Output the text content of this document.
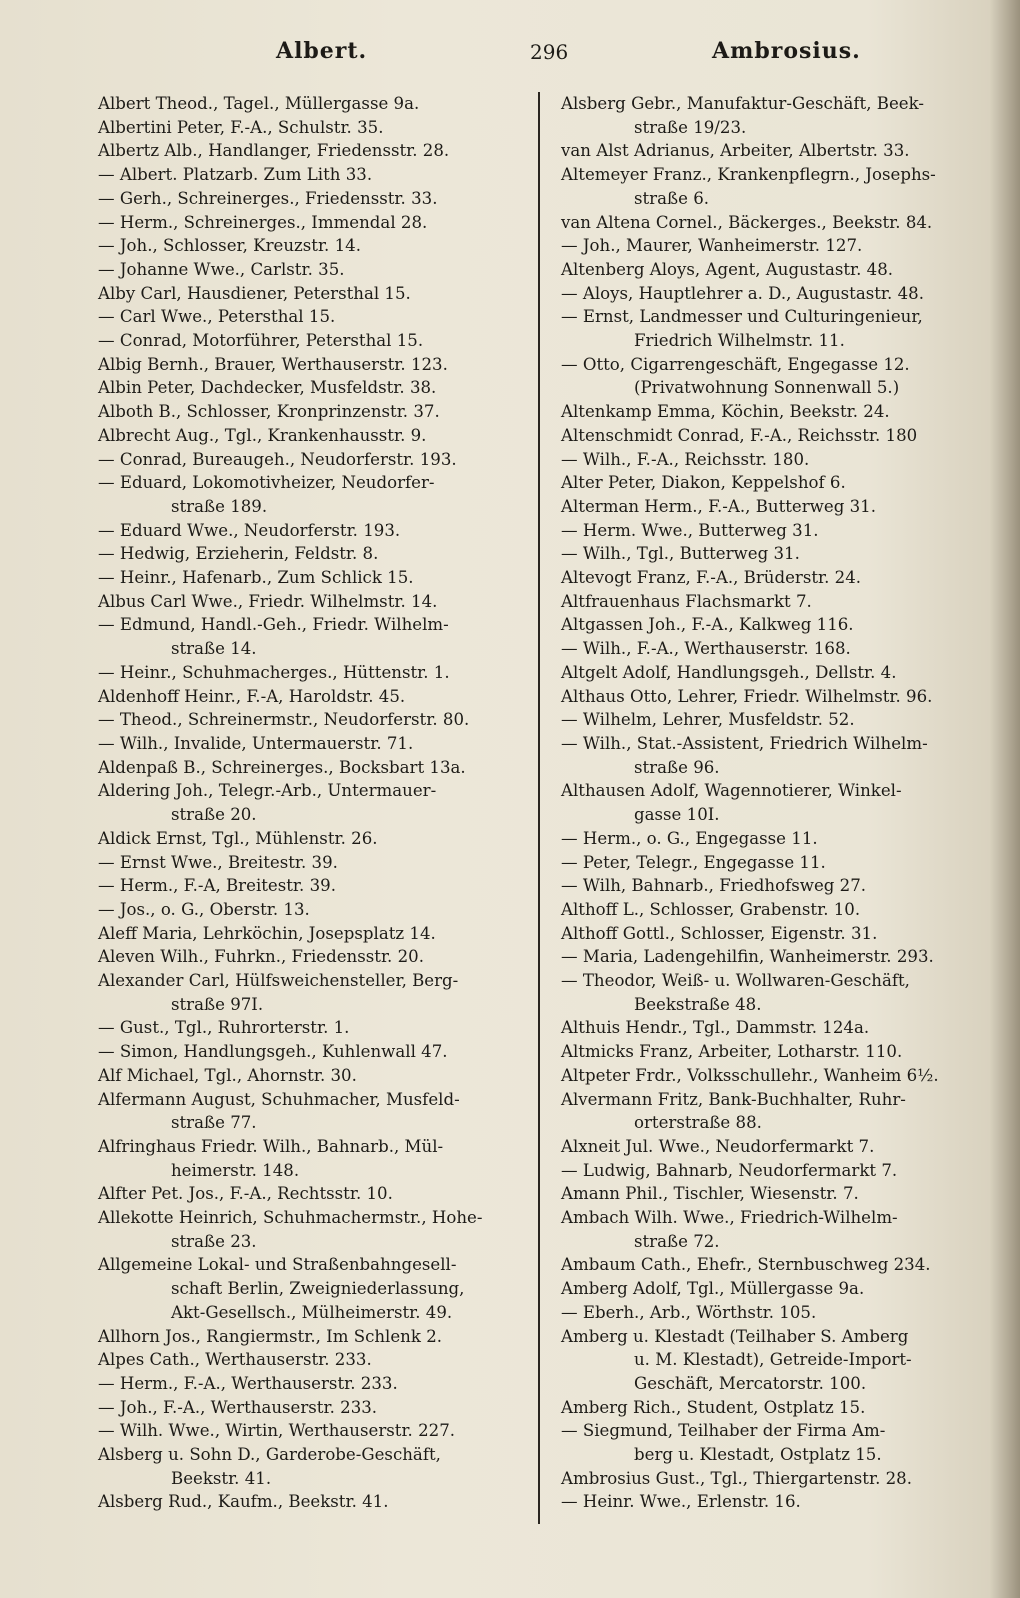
Albert.	296	Ambrosius.
Albert Theod., Tagel., Müllergasse 9a.
Albertini Peter, F.-A., Schulstr. 35.
Albertz Alb., Handlanger, Friedensstr. 28.
— Albert. Platzarb. Zum Lith 33.
— Gerh., Schreinerges., Friedensstr. 33.
— Herm., Schreinerges., Immendal 28.
— Joh., Schlosser, Kreuzstr. 14.
— Johanne Wwe., Carlstr. 35.
Alby Carl, Hausdiener, Petersthal 15.
— Carl Wwe., Petersthal 15.
— Conrad, Motorführer, Petersthal 15.
Albig Bernh., Brauer, Werthauserstr. 123.
Albin Peter, Dachdecker, Musfeldstr. 38.
Alboth B., Schlosser, Kronprinzenstr. 37.
Albrecht Aug., Tgl., Krankenhausstr. 9.
— Conrad, Bureaugeh., Neudorferstr. 193.
— Eduard, Lokomotivheizer, Neudorfer-
straße 189.
— Eduard Wwe., Neudorferstr. 193.
— Hedwig, Erzieherin, Feldstr. 8.
— Heinr., Hafenarb., Zum Schlick 15.
Albus Carl Wwe., Friedr. Wilhelmstr. 14.
— Edmund, Handl.-Geh., Friedr. Wilhelm-
straße 14.
— Heinr., Schuhmacherges., Hüttenstr. 1.
Aldenhoff Heinr., F.-A, Haroldstr. 45.
— Theod., Schreinermstr., Neudorferstr. 80.
— Wilh., Invalide, Untermauerstr. 71.
Aldenpaß B., Schreinerges., Bocksbart 13a.
Aldering Joh., Telegr.-Arb., Untermauer-
straße 20.
Aldick Ernst, Tgl., Mühlenstr. 26.
— Ernst Wwe., Breitestr. 39.
— Herm., F.-A, Breitestr. 39.
— Jos., o. G., Oberstr. 13.
Aleff Maria, Lehrköchin, Josepsplatz 14.
Aleven Wilh., Fuhrkn., Friedensstr. 20.
Alexander Carl, Hülfsweichensteller, Berg-
straße 97I.
— Gust., Tgl., Ruhrorterstr. 1.
— Simon, Handlungsgeh., Kuhlenwall 47.
Alf Michael, Tgl., Ahornstr. 30.
Alfermann August, Schuhmacher, Musfeld-
straße 77.
Alfringhaus Friedr. Wilh., Bahnarb., Mül-
heimerstr. 148.
Alfter Pet. Jos., F.-A., Rechtsstr. 10.
Allekotte Heinrich, Schuhmachermstr., Hohe-
straße 23.
Allgemeine Lokal- und Straßenbahngesell-
schaft Berlin, Zweigniederlassung,
Akt-Gesellsch., Mülheimerstr. 49.
Allhorn Jos., Rangiermstr., Im Schlenk 2.
Alpes Cath., Werthauserstr. 233.
— Herm., F.-A., Werthauserstr. 233.
— Joh., F.-A., Werthauserstr. 233.
— Wilh. Wwe., Wirtin, Werthauserstr. 227.
Alsberg u. Sohn D., Garderobe-Geschäft,
Beekstr. 41.
Alsberg Rud., Kaufm., Beekstr. 41.
Alsberg Gebr., Manufaktur-Geschäft, Beek-
straße 19/23.
van Alst Adrianus, Arbeiter, Albertstr. 33.
Altemeyer Franz., Krankenpflegrn., Josephs-
straße 6.
van Altena Cornel., Bäckerges., Beekstr. 84.
— Joh., Maurer, Wanheimerstr. 127.
Altenberg Aloys, Agent, Augustastr. 48.
— Aloys, Hauptlehrer a. D., Augustastr. 48.
— Ernst, Landmesser und Culturingenieur,
Friedrich Wilhelmstr. 11.
— Otto, Cigarrengeschäft, Engegasse 12.
(Privatwohnung Sonnenwall 5.)
Altenkamp Emma, Köchin, Beekstr. 24.
Altenschmidt Conrad, F.-A., Reichsstr. 180
— Wilh., F.-A., Reichsstr. 180.
Alter Peter, Diakon, Keppelshof 6.
Alterman Herm., F.-A., Butterweg 31.
— Herm. Wwe., Butterweg 31.
— Wilh., Tgl., Butterweg 31.
Altevogt Franz, F.-A., Brüderstr. 24.
Altfrauenhaus Flachsmarkt 7.
Altgassen Joh., F.-A., Kalkweg 116.
— Wilh., F.-A., Werthauserstr. 168.
Altgelt Adolf, Handlungsgeh., Dellstr. 4.
Althaus Otto, Lehrer, Friedr. Wilhelmstr. 96.
— Wilhelm, Lehrer, Musfeldstr. 52.
— Wilh., Stat.-Assistent, Friedrich Wilhelm-
straße 96.
Althausen Adolf, Wagennotierer, Winkel-
gasse 10I.
— Herm., o. G., Engegasse 11.
— Peter, Telegr., Engegasse 11.
— Wilh, Bahnarb., Friedhofsweg 27.
Althoff L., Schlosser, Grabenstr. 10.
Althoff Gottl., Schlosser, Eigenstr. 31.
— Maria, Ladengehilfin, Wanheimerstr. 293.
— Theodor, Weiß- u. Wollwaren-Geschäft,
Beekstraße 48.
Althuis Hendr., Tgl., Dammstr. 124a.
Altmicks Franz, Arbeiter, Lotharstr. 110.
Altpeter Frdr., Volksschullehr., Wanheim 6½.
Alvermann Fritz, Bank-Buchhalter, Ruhr-
orterstraße 88.
Alxneit Jul. Wwe., Neudorfermarkt 7.
— Ludwig, Bahnarb, Neudorfermarkt 7.
Amann Phil., Tischler, Wiesenstr. 7.
Ambach Wilh. Wwe., Friedrich-Wilhelm-
straße 72.
Ambaum Cath., Ehefr., Sternbuschweg 234.
Amberg Adolf, Tgl., Müllergasse 9a.
— Eberh., Arb., Wörthstr. 105.
Amberg u. Klestadt (Teilhaber S. Amberg
u. M. Klestadt), Getreide-Import-
Geschäft, Mercatorstr. 100.
Amberg Rich., Student, Ostplatz 15.
— Siegmund, Teilhaber der Firma Am-
berg u. Klestadt, Ostplatz 15.
Ambrosius Gust., Tgl., Thiergartenstr. 28.
— Heinr. Wwe., Erlenstr. 16.
